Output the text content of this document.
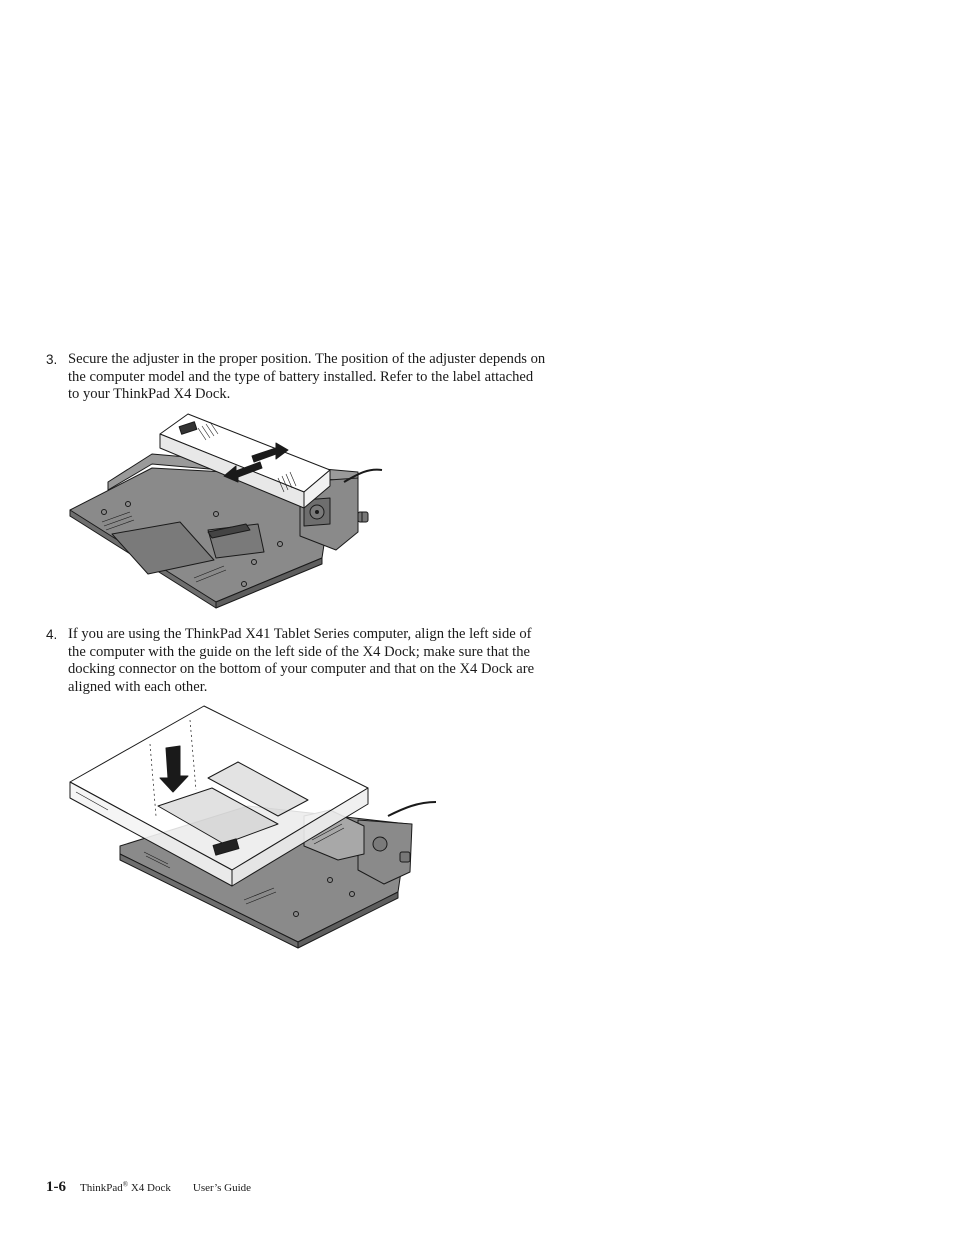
3. Secure the adjuster in the proper position. The position of the adjuster depends on the computer model and the type of battery installed. Refer to the label attached to your ThinkPad X4 Dock.
4. If you are using the ThinkPad X41 Tablet Series computer, align the left side of the computer with the guide on the left side of the X4 Dock; make sure that the docking connector on the bottom of your computer and that on the X4 Dock are aligned with each other.
1-6 ThinkPad® X4 Dock User’s Guide
